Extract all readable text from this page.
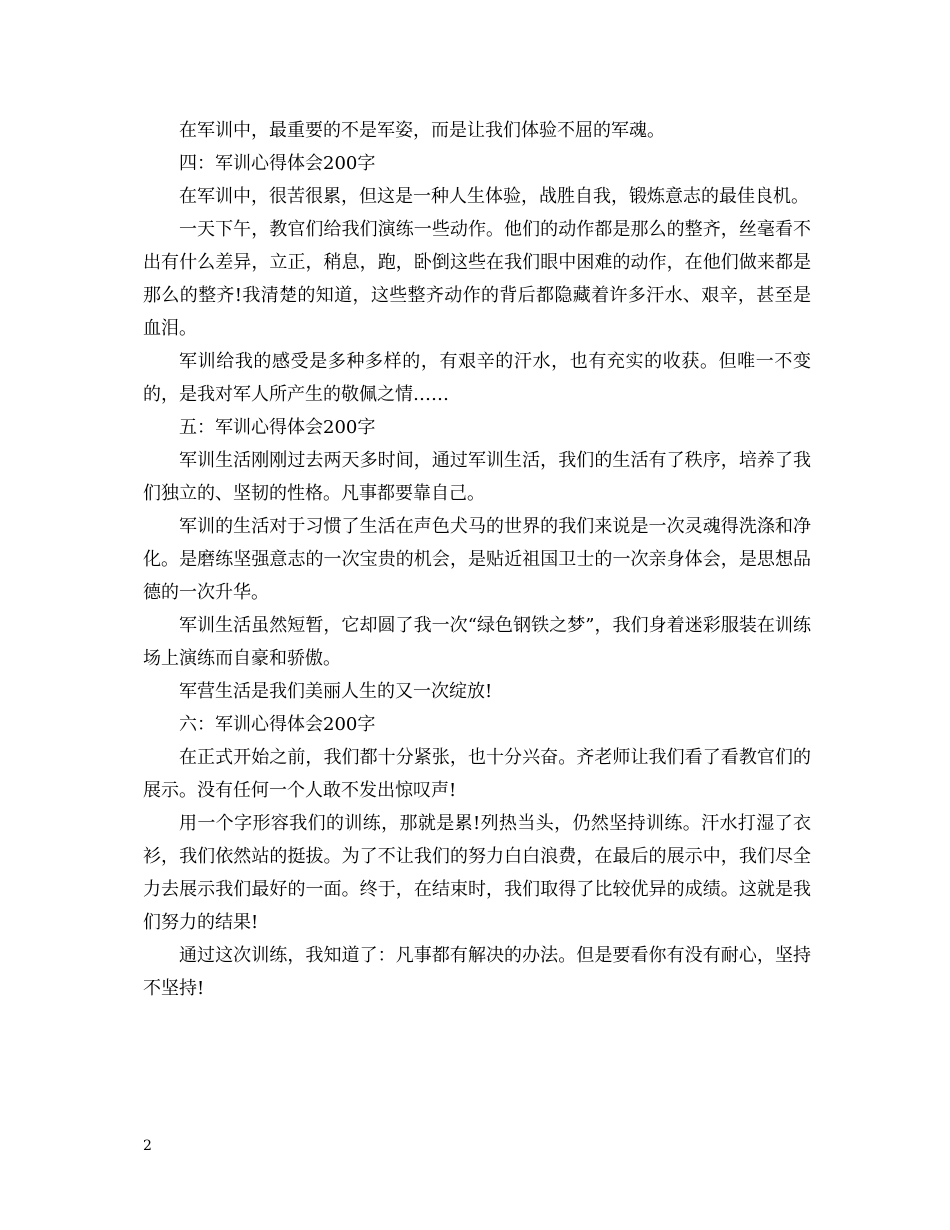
在军训中，最重要的不是军姿，而是让我们体验不屈的军魂。

四：军训心得体会200字

在军训中，很苦很累，但这是一种人生体验，战胜自我，锻炼意志的最佳良机。

一天下午，教官们给我们演练一些动作。他们的动作都是那么的整齐，丝毫看不出有什么差异，立正，稍息，跑，卧倒这些在我们眼中困难的动作，在他们做来都是那么的整齐!我清楚的知道，这些整齐动作的背后都隐藏着许多汗水、艰辛，甚至是血泪。

军训给我的感受是多种多样的，有艰辛的汗水，也有充实的收获。但唯一不变的，是我对军人所产生的敬佩之情……

五：军训心得体会200字

军训生活刚刚过去两天多时间，通过军训生活，我们的生活有了秩序，培养了我们独立的、坚韧的性格。凡事都要靠自己。

军训的生活对于习惯了生活在声色犬马的世界的我们来说是一次灵魂得洗涤和净化。是磨练坚强意志的一次宝贵的机会，是贴近祖国卫士的一次亲身体会，是思想品德的一次升华。

军训生活虽然短暂，它却圆了我一次“绿色钢铁之梦”，我们身着迷彩服装在训练场上演练而自豪和骄傲。

军营生活是我们美丽人生的又一次绽放!

六：军训心得体会200字

在正式开始之前，我们都十分紧张，也十分兴奋。齐老师让我们看了看教官们的展示。没有任何一个人敢不发出惊叹声!

用一个字形容我们的训练，那就是累!列热当头，仍然坚持训练。汗水打湿了衣衫，我们依然站的挺拔。为了不让我们的努力白白浪费，在最后的展示中，我们尽全力去展示我们最好的一面。终于，在结束时，我们取得了比较优异的成绩。这就是我们努力的结果!

通过这次训练，我知道了：凡事都有解决的办法。但是要看你有没有耐心，坚持不坚持!

2
